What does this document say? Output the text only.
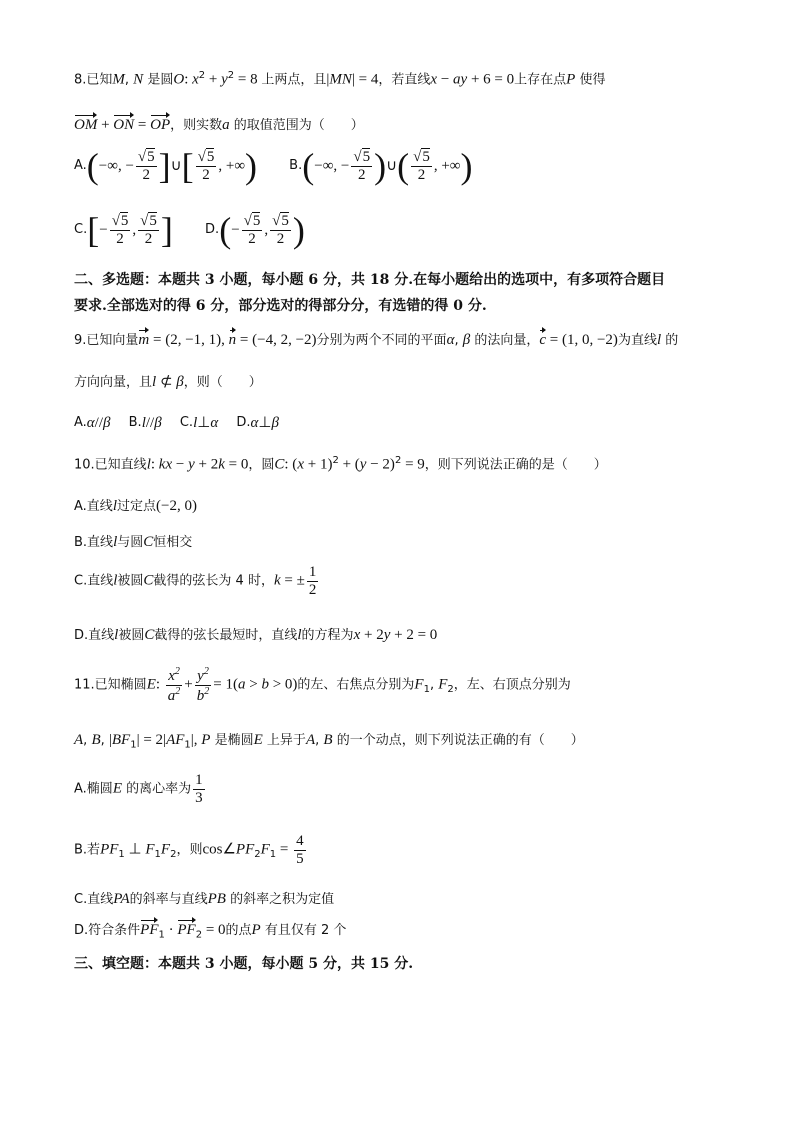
8.已知M, N 是圆O: $x^2 + y^2 = 8$ 上两点，且|MN| = 4，若直线x − ay + 6 = 0上存在点P 使得
OM + ON = OP，则实数a 的取值范围为（　　）
A. ( −∞, − $\frac{√5}{2}$ ] ∪ [ $\frac{√5}{2}$ , +∞ )
B. ( −∞, − $\frac{√5}{2}$ ) ∪ ( $\frac{√5}{2}$ , +∞ )
C. [ − $\frac{√5}{2}$ , $\frac{√5}{2}$ ]
D. ( − $\frac{√5}{2}$ , $\frac{√5}{2}$ )
二、多选题：本题共 3 小题，每小题 6 分，共 18 分.在每小题给出的选项中，有多项符合题目
要求.全部选对的得 6 分，部分选对的得部分分，有选错的得 0 分.
9.已知向量m = (2, −1, 1), n = (−4, 2, −2)分别为两个不同的平面α, β 的法向量，c = (1, 0, −2)为直线l 的
方向向量，且l ⊄ β，则（　　）
A. α // β
B. l // β
C. l ⊥ α
D. α ⊥ β
10.已知直线l: kx − y + 2k = 0，圆C: $(x + 1)^2 + (y - 2)^2 = 9$，则下列说法正确的是（　　）
A.直线l过定点(−2, 0)
B.直线l与圆C恒相交
C.直线l被圆C截得的弦长为 4 时，k = ± $\frac{1}{2}$
D.直线l被圆C截得的弦长最短时，直线l的方程为x + 2y + 2 = 0
11.已知椭圆E: $\frac{x^2}{a^2} + \frac{y^2}{b^2} = 1(a > b > 0)$的左、右焦点分别为$F_1$, $F_2$，左、右顶点分别为
A, B, $|BF_1| = 2|AF_1|$, P 是椭圆E 上异于A, B 的一个动点，则下列说法正确的有（　　）
A.椭圆E 的离心率为 $\frac{1}{3}$
B.若$PF_1$ ⊥ $F_1F_2$，则$\cos\angle PF_2F_1 = \frac{4}{5}$
C.直线PA的斜率与直线PB 的斜率之积为定值
D.符合条件$PF_1 \cdot PF_2 = 0$的点P 有且仅有 2 个
三、填空题：本题共 3 小题，每小题 5 分，共 15 分.
